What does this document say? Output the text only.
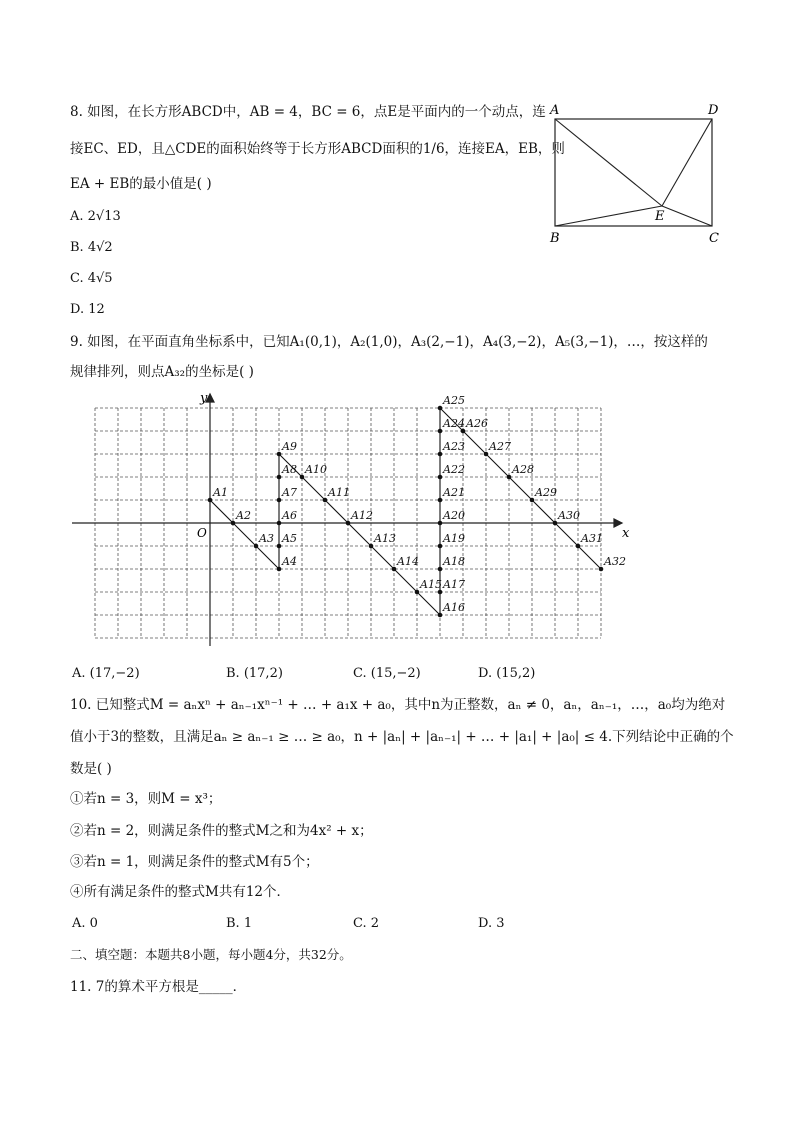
8. 如图，在长方形ABCD中，AB = 4，BC = 6，点E是平面内的一个动点，连
接EC、ED，且△CDE的面积始终等于长方形ABCD面积的1/6，连接EA，EB，则
EA + EB的最小值是( )
A. 2√13
B. 4√2
C. 4√5
D. 12
A	D
B	C
E
9. 如图，在平面直角坐标系中，已知A₁(0,1)，A₂(1,0)，A₃(2,−1)，A₄(3,−2)，A₅(3,−1)，…，按这样的
规律排列，则点A₃₂的坐标是( )
A1
A2
A3
A4
A5
A6
A7
A8
A9
A10
A11
A12
A13
A14
A15
A16
A17
A18
A19
A20
A21
A22
A23
A24
A25
A26
A27
A28
A29
A30
A31
A32
x
y
O
A. (17,−2)	B. (17,2)	C. (15,−2)	D. (15,2)
10. 已知整式M = aₙxⁿ + aₙ₋₁xⁿ⁻¹ + … + a₁x + a₀，其中n为正整数，aₙ ≠ 0，aₙ，aₙ₋₁，…，a₀均为绝对
值小于3的整数，且满足aₙ ≥ aₙ₋₁ ≥ … ≥ a₀，n + |aₙ| + |aₙ₋₁| + … + |a₁| + |a₀| ≤ 4.下列结论中正确的个
数是( )
①若n = 3，则M = x³；
②若n = 2，则满足条件的整式M之和为4x² + x；
③若n = 1，则满足条件的整式M有5个；
④所有满足条件的整式M共有12个．
A. 0	B. 1	C. 2	D. 3
二、填空题：本题共8小题，每小题4分，共32分。
11. 7的算术平方根是_____．
